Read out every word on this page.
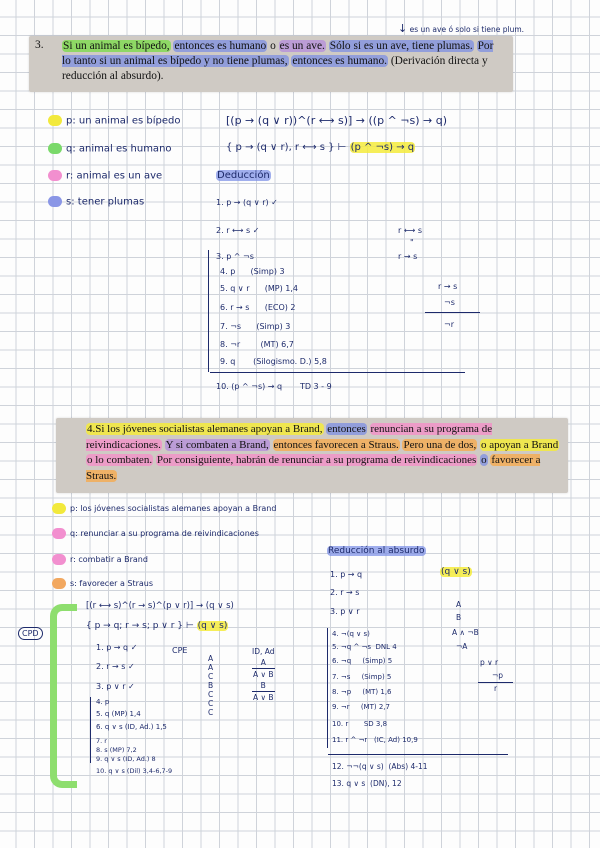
↓ es un ave ó solo si tiene plum.
3. Si un animal es bípedo, entonces es humano o es un ave. Sólo si es un ave, tiene plumas. Por lo tanto si un animal es bípedo y no tiene plumas, entonces es humano. (Derivación directa y reducción al absurdo).
p: un animal es bípedo
q: animal es humano
r: animal es un ave
s: tener plumas
[(p → (q ∨ r))^(r ⟷ s)] → ((p ^ ¬s) → q)
{ p → (q ∨ r), r ⟷ s } ⊢ (p ^ ¬s) → q
Deducción
1. p → (q ∨ r) ✓
2. r ⟷ s ✓
3. p ^ ¬s
4. p (Simp) 3
5. q ∨ r (MP) 1,4
6. r → s (ECO) 2
7. ¬s (Simp) 3
8. ¬r	(MT) 6,7
9. q (Silogismo. D.) 5,8
10. (p ^ ¬s) → q TD 3 - 9
r ⟷ s
"
r → s
r → s
¬s
¬r
4.Si los jóvenes socialistas alemanes apoyan a Brand, entonces renuncian a su programa de reivindicaciones. Y si combaten a Brand, entonces favorecen a Straus. Pero una de dos, o apoyan a Brand o lo combaten. Por consiguiente, habrán de renunciar a su programa de reivindicaciones o favorecer a Straus.
p: los jóvenes socialistas alemanes apoyan a Brand
q: renunciar a su programa de reivindicaciones
r: combatir a Brand
s: favorecer a Straus
CPD
[(r ⟷ s)^(r → s)^(p ∨ r)] → (q ∨ s)
{ p → q; r → s; p ∨ r } ⊢ (q ∨ s)
1. p → q ✓
2. r → s ✓
3. p ∨ r ✓
4. p
5. q (MP) 1,4
6. q ∨ s (ID, Ad.) 1,5
7. r
8. s (MP) 7,2
9. q ∨ s (ID, Ad.) 8
10. q ∨ s (Dil) 3,4-6,7-9
CPE
A
A
C
B
C
C
C
ID, Ad
A
A ∨ B
B
A ∨ B
Reducción al absurdo
(q ∨ s)
1. p → q
2. r → s
3. p ∨ r
4. ¬(q ∨ s)
5. ¬q ^ ¬s DNL 4
6. ¬q (Simp) 5
7. ¬s (Simp) 5
8. ¬p (MT) 1,6
9. ¬r (MT) 2,7
10. r SD 3,8
11. r ^ ¬r (IC, Ad) 10,9
12. ¬¬(q ∨ s) (Abs) 4-11
13. q ∨ s (DN), 12
A
B
A ∧ ¬B
¬A
p ∨ r
¬p
r
